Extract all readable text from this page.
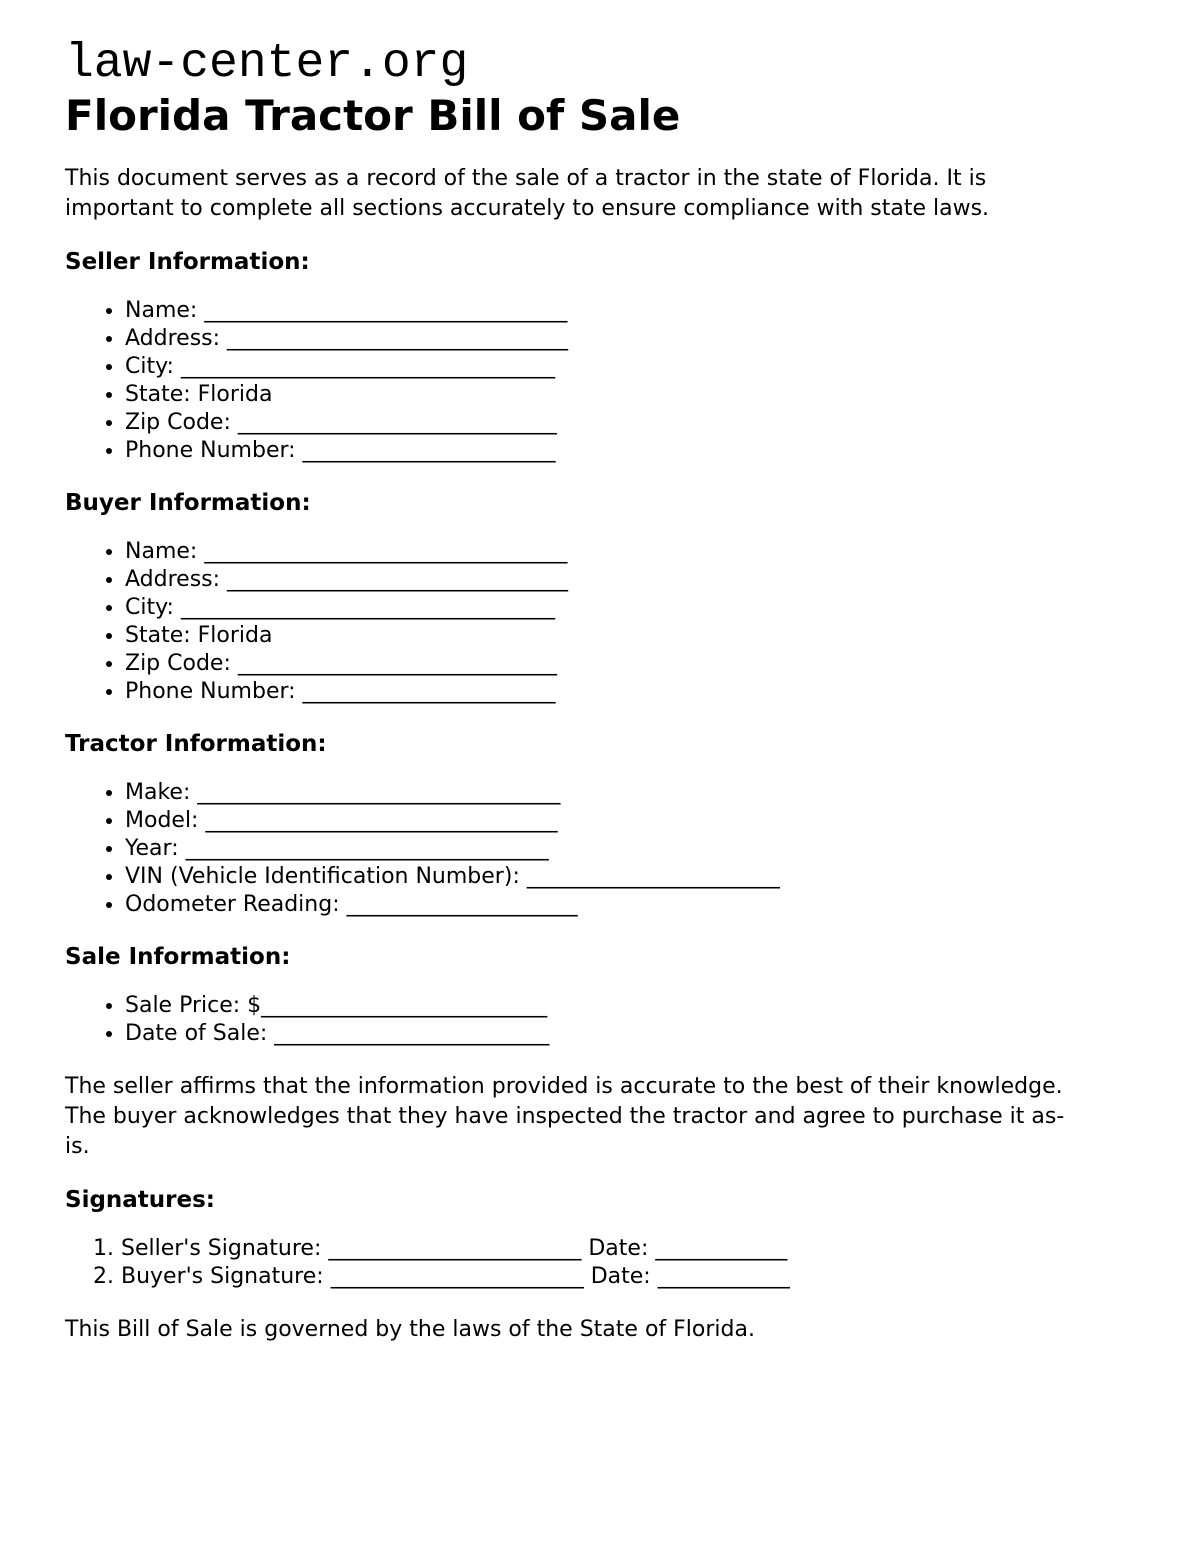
law-center.org
Florida Tractor Bill of Sale

This document serves as a record of the sale of a tractor in the state of Florida. It is
important to complete all sections accurately to ensure compliance with state laws.

Seller Information:
• Name: _________________________________
• Address: _______________________________
• City: __________________________________
• State: Florida
• Zip Code: _____________________________
• Phone Number: _______________________
Buyer Information:
• Name: _________________________________
• Address: _______________________________
• City: __________________________________
• State: Florida
• Zip Code: _____________________________
• Phone Number: _______________________
Tractor Information:
• Make: _________________________________
• Model: ________________________________
• Year: _________________________________
• VIN (Vehicle Identification Number): _______________________
• Odometer Reading: _____________________
Sale Information:
• Sale Price: $__________________________
• Date of Sale: _________________________

The seller affirms that the information provided is accurate to the best of their knowledge.
The buyer acknowledges that they have inspected the tractor and agree to purchase it as-
is.

Signatures:
1. Seller's Signature: _______________________ Date: ____________
2. Buyer's Signature: _______________________ Date: ____________

This Bill of Sale is governed by the laws of the State of Florida.
